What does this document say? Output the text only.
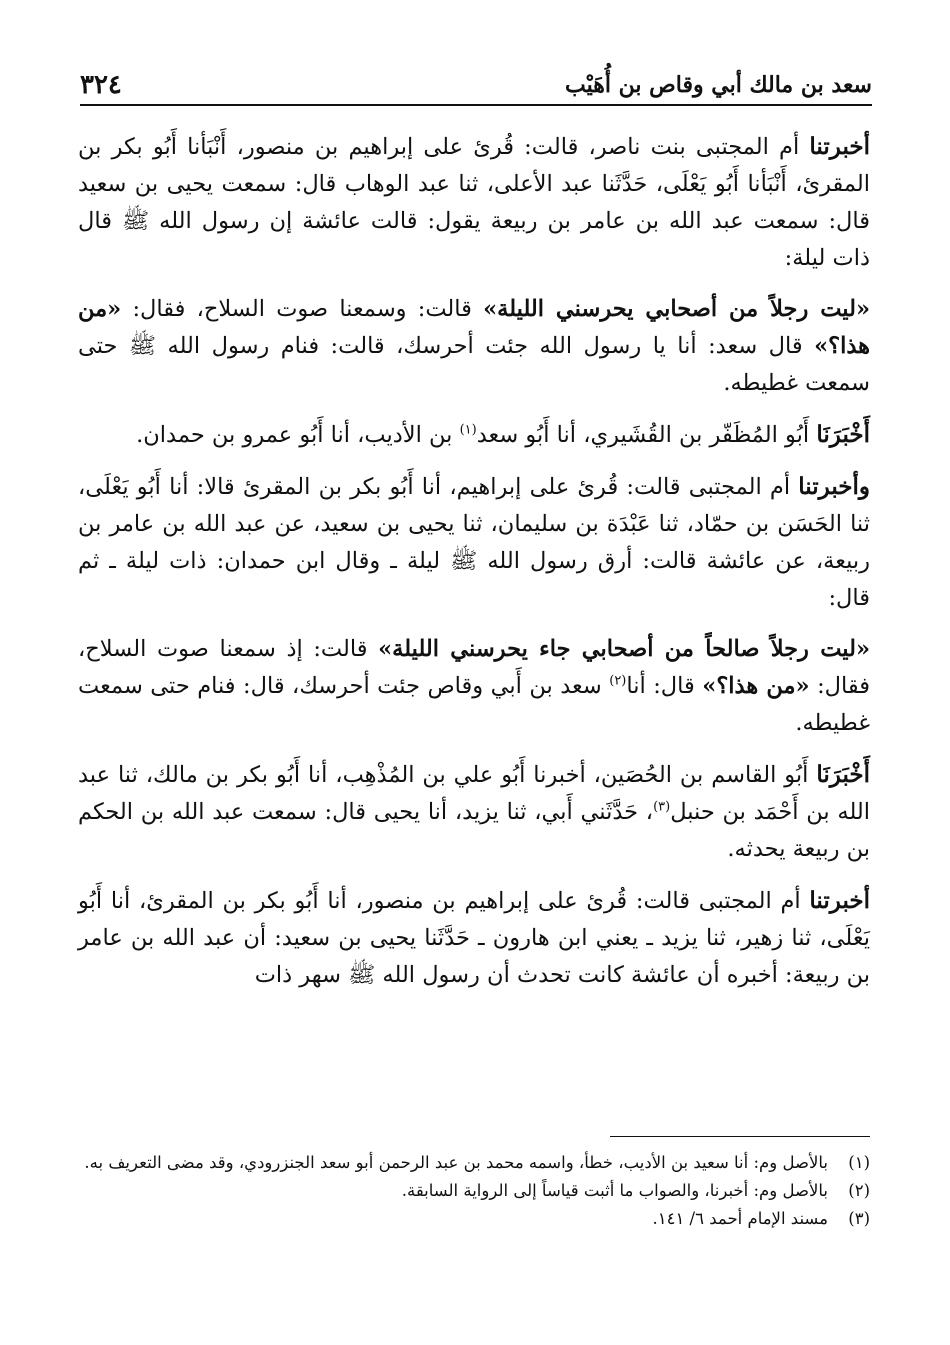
سعد بن مالك أبي وقاص بن أُهَيْب
٣٢٤

أخبرتنا أم المجتبى بنت ناصر، قالت: قُرئ على إبراهيم بن منصور، أَنْبَأنا أَبُو بكر بن المقرئ، أَنْبَأنا أَبُو يَعْلَى، حَدَّثَنا عبد الأعلى، ثنا عبد الوهاب قال: سمعت يحيى بن سعيد قال: سمعت عبد الله بن عامر بن ربيعة يقول: قالت عائشة إن رسول الله ﷺ قال ذات ليلة:

«ليت رجلاً من أصحابي يحرسني الليلة» قالت: وسمعنا صوت السلاح، فقال: «من هذا؟» قال سعد: أنا يا رسول الله جئت أحرسك، قالت: فنام رسول الله ﷺ حتى سمعت غطيطه.

أَخْبَرَنَا أَبُو المُظَفّر بن القُشَيري، أنا أَبُو سعد$^{(١)}$ بن الأديب، أنا أَبُو عمرو بن حمدان.

وأخبرتنا أم المجتبى قالت: قُرئ على إبراهيم، أنا أَبُو بكر بن المقرئ قالا: أنا أَبُو يَعْلَى، ثنا الحَسَن بن حمّاد، ثنا عَبْدَة بن سليمان، ثنا يحيى بن سعيد، عن عبد الله بن عامر بن ربيعة، عن عائشة قالت: أرق رسول الله ﷺ ليلة ـ وقال ابن حمدان: ذات ليلة ـ ثم قال:

«ليت رجلاً صالحاً من أصحابي جاء يحرسني الليلة» قالت: إذ سمعنا صوت السلاح، فقال: «من هذا؟» قال: أنا$^{(٢)}$ سعد بن أَبي وقاص جئت أحرسك، قال: فنام حتى سمعت غطيطه.

أَخْبَرَنَا أَبُو القاسم بن الحُصَين، أخبرنا أَبُو علي بن المُذْهِب، أنا أَبُو بكر بن مالك، ثنا عبد الله بن أَحْمَد بن حنبل$^{(٣)}$، حَدَّثَني أَبي، ثنا يزيد، أنا يحيى قال: سمعت عبد الله بن الحكم بن ربيعة يحدثه.

أخبرتنا أم المجتبى قالت: قُرئ على إبراهيم بن منصور، أنا أَبُو بكر بن المقرئ، أنا أَبُو يَعْلَى، ثنا زهير، ثنا يزيد ـ يعني ابن هارون ـ حَدَّثَنا يحيى بن سعيد: أن عبد الله بن عامر بن ربيعة: أخبره أن عائشة كانت تحدث أن رسول الله ﷺ سهر ذات

(١)
بالأصل وم: أنا سعيد بن الأديب، خطأ، واسمه محمد بن عبد الرحمن أبو سعد الجنزرودي، وقد مضى التعريف به.
(٢)
بالأصل وم: أخبرنا، والصواب ما أثبت قياساً إلى الرواية السابقة.
(٣)
مسند الإمام أحمد ٦/ ١٤١.
